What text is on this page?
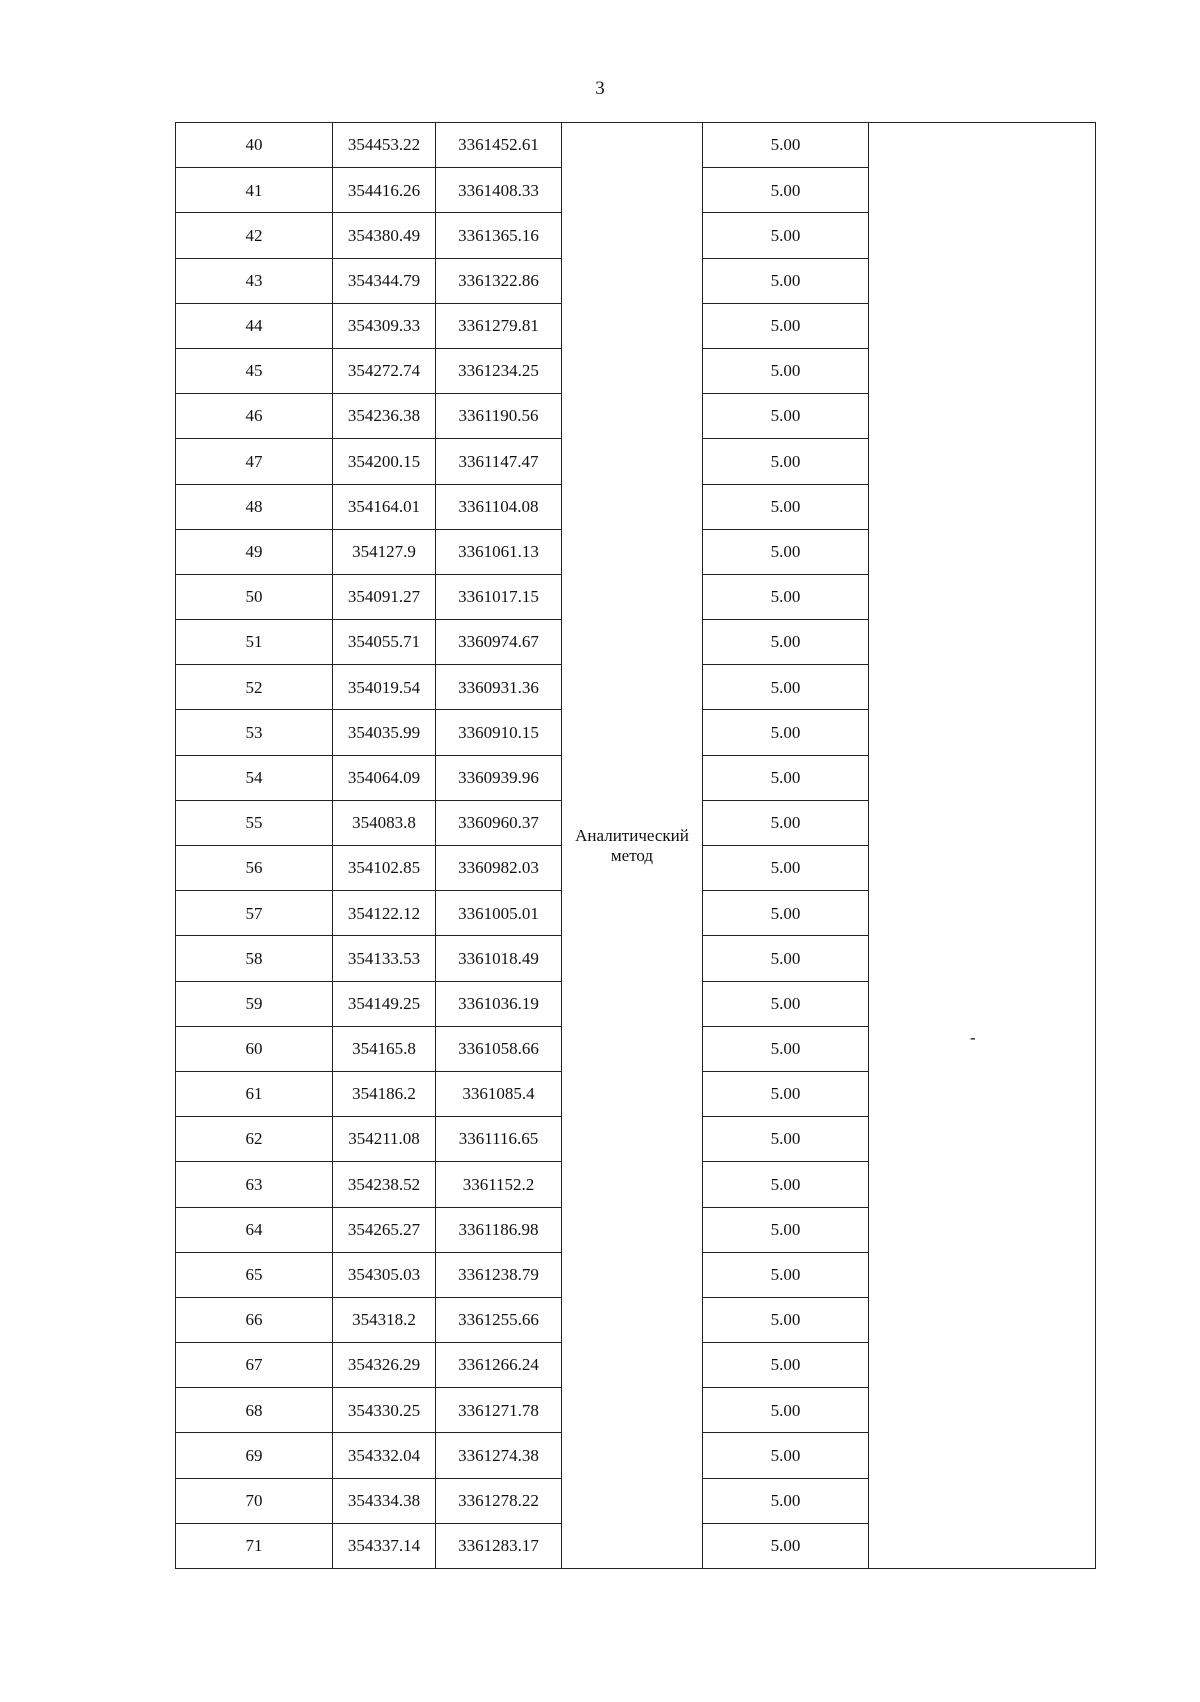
3
40	354453.22	3361452.61	Аналитический метод	5.00	-

41	354416.26	3361408.33		5.00	
42	354380.49	3361365.16		5.00	
43	354344.79	3361322.86		5.00	
44	354309.33	3361279.81		5.00	
45	354272.74	3361234.25		5.00	
46	354236.38	3361190.56		5.00	
47	354200.15	3361147.47		5.00	
48	354164.01	3361104.08		5.00	
49	354127.9	3361061.13		5.00	
50	354091.27	3361017.15		5.00	
51	354055.71	3360974.67		5.00	
52	354019.54	3360931.36		5.00	
53	354035.99	3360910.15		5.00	
54	354064.09	3360939.96		5.00	
55	354083.8	3360960.37		5.00	
56	354102.85	3360982.03		5.00	
57	354122.12	3361005.01		5.00	
58	354133.53	3361018.49		5.00	
59	354149.25	3361036.19		5.00	
60	354165.8	3361058.66		5.00	
61	354186.2	3361085.4		5.00	
62	354211.08	3361116.65		5.00	
63	354238.52	3361152.2		5.00	
64	354265.27	3361186.98		5.00	
65	354305.03	3361238.79		5.00	
66	354318.2	3361255.66		5.00	
67	354326.29	3361266.24		5.00	
68	354330.25	3361271.78		5.00	
69	354332.04	3361274.38		5.00	
70	354334.38	3361278.22		5.00	
71	354337.14	3361283.17		5.00	
